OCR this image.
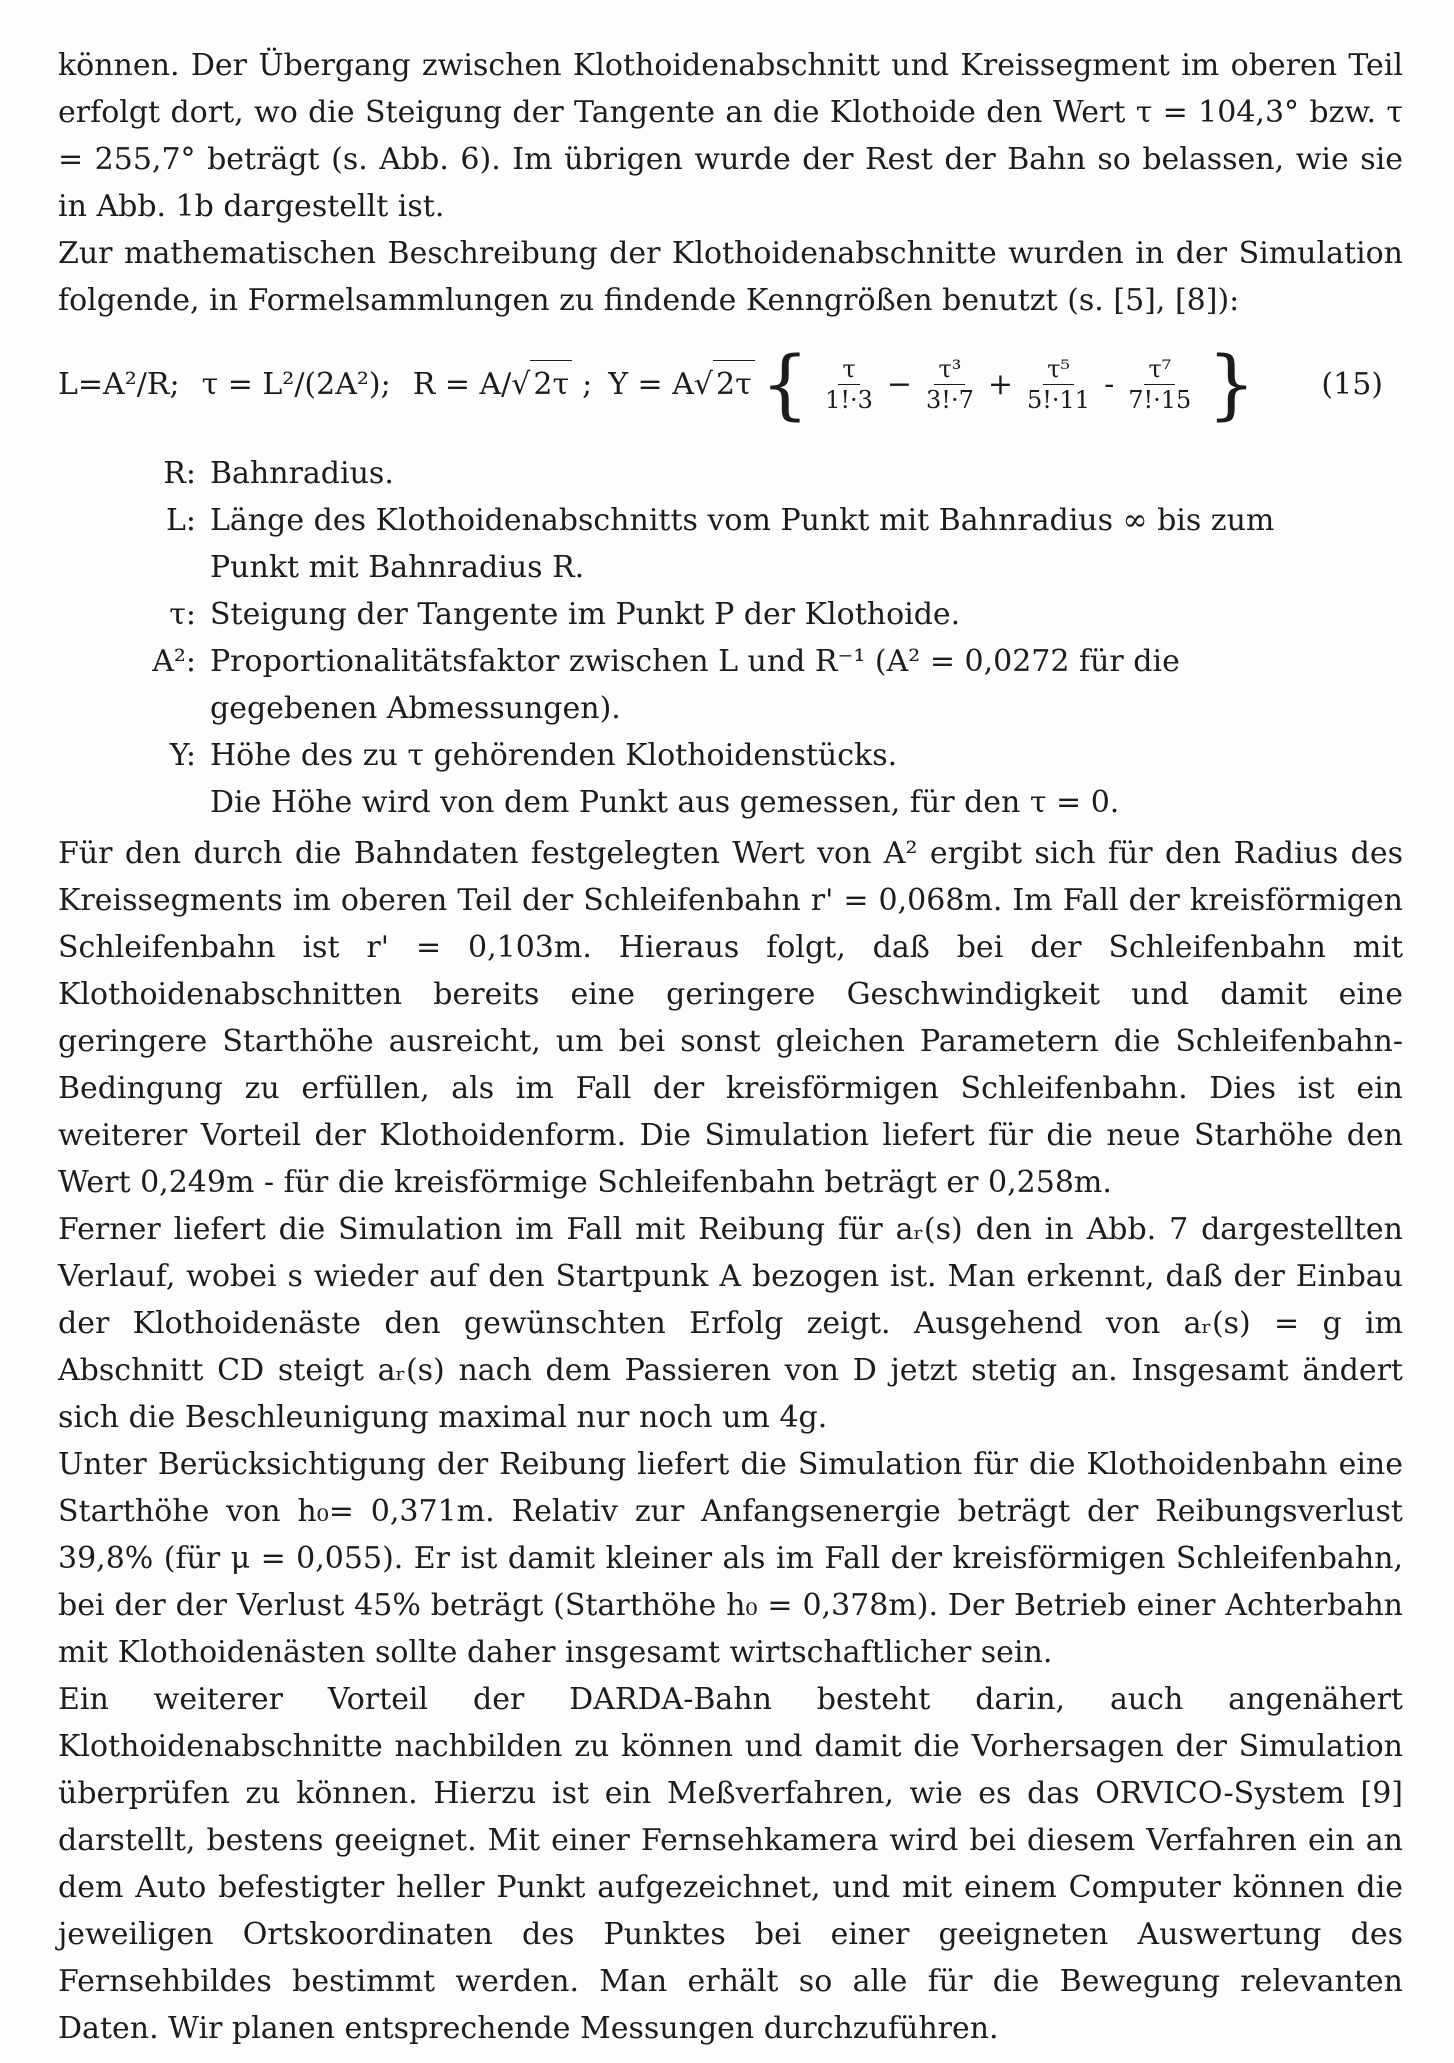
können. Der Übergang zwischen Klothoidenabschnitt und Kreissegment im oberen Teil erfolgt dort, wo die Steigung der Tangente an die Klothoide den Wert τ = 104,3° bzw. τ = 255,7° beträgt (s. Abb. 6). Im übrigen wurde der Rest der Bahn so belassen, wie sie in Abb. 1b dargestellt ist.

Zur mathematischen Beschreibung der Klothoidenabschnitte wurden in der Simulation folgende, in Formelsammlungen zu findende Kenngrößen benutzt (s. [5], [8]):

L=A²/R; τ = L²/(2A²); R = A/ √ 2τ ; Y = A √ 2τ { $\frac{\tau}{1!\cdot 3} - \frac{\text{τ³}}{3!\cdot 7} + \frac{\text{τ⁵}}{5!\cdot 11} - \frac{\text{τ⁷}}{7!\cdot 15}$ } (15)
R: Bahnradius.
L: Länge des Klothoidenabschnitts vom Punkt mit Bahnradius ∞ bis zum Punkt mit Bahnradius R.
τ: Steigung der Tangente im Punkt P der Klothoide.
A²: Proportionalitätsfaktor zwischen L und R⁻¹ (A² = 0,0272 für die gegebenen Abmessungen).
Y: Höhe des zu τ gehörenden Klothoidenstücks.
Die Höhe wird von dem Punkt aus gemessen, für den τ = 0.

Für den durch die Bahndaten festgelegten Wert von A² ergibt sich für den Radius des Kreissegments im oberen Teil der Schleifenbahn r' = 0,068m. Im Fall der kreisförmigen Schleifenbahn ist r' = 0,103m. Hieraus folgt, daß bei der Schleifenbahn mit Klothoidenabschnitten bereits eine geringere Geschwindigkeit und damit eine geringere Starthöhe ausreicht, um bei sonst gleichen Parametern die Schleifenbahn-Bedingung zu erfüllen, als im Fall der kreisförmigen Schleifenbahn. Dies ist ein weiterer Vorteil der Klothoidenform. Die Simulation liefert für die neue Starhöhe den Wert 0,249m - für die kreisförmige Schleifenbahn beträgt er 0,258m.

Ferner liefert die Simulation im Fall mit Reibung für aᵣ(s) den in Abb. 7 dargestellten Verlauf, wobei s wieder auf den Startpunk A bezogen ist. Man erkennt, daß der Einbau der Klothoidenäste den gewünschten Erfolg zeigt. Ausgehend von aᵣ(s) = g im Abschnitt CD steigt aᵣ(s) nach dem Passieren von D jetzt stetig an. Insgesamt ändert sich die Beschleunigung maximal nur noch um 4g.

Unter Berücksichtigung der Reibung liefert die Simulation für die Klothoidenbahn eine Starthöhe von h₀= 0,371m. Relativ zur Anfangsenergie beträgt der Reibungsverlust 39,8% (für μ = 0,055). Er ist damit kleiner als im Fall der kreisförmigen Schleifenbahn, bei der der Verlust 45% beträgt (Starthöhe h₀ = 0,378m). Der Betrieb einer Achterbahn mit Klothoidenästen sollte daher insgesamt wirtschaftlicher sein.

Ein weiterer Vorteil der DARDA-Bahn besteht darin, auch angenähert Klothoidenabschnitte nachbilden zu können und damit die Vorhersagen der Simulation überprüfen zu können. Hierzu ist ein Meßverfahren, wie es das ORVICO-System [9] darstellt, bestens geeignet. Mit einer Fernsehkamera wird bei diesem Verfahren ein an dem Auto befestigter heller Punkt aufgezeichnet, und mit einem Computer können die jeweiligen Ortskoordinaten des Punktes bei einer geeigneten Auswertung des Fernsehbildes bestimmt werden. Man erhält so alle für die Bewegung relevanten Daten. Wir planen entsprechende Messungen durchzuführen.
